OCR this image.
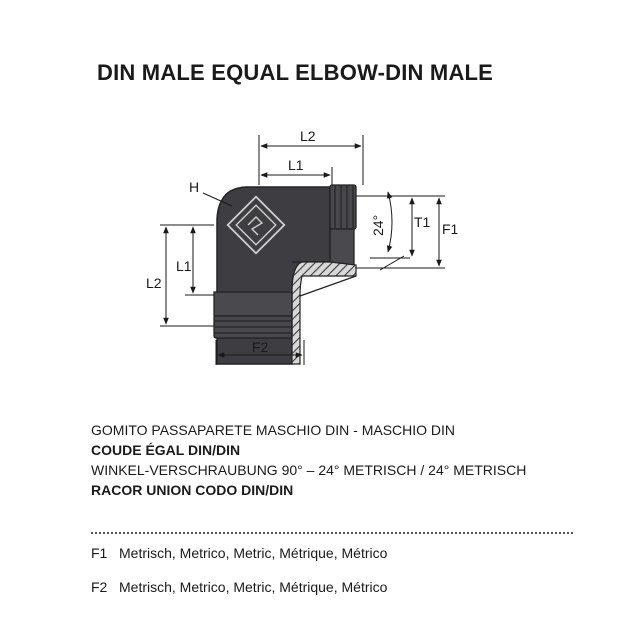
DIN MALE EQUAL ELBOW-DIN MALE
H
L2
L1
L2
L1
F2
24° T1 F1
GOMITO PASSAPARETE MASCHIO DIN - MASCHIO DIN
COUDE ÉGAL DIN/DIN
WINKEL-VERSCHRAUBUNG 90° – 24° METRISCH / 24° METRISCH
RACOR UNION CODO DIN/DIN
F1 Metrisch, Metrico, Metric, Métrique, Métrico
F2 Metrisch, Metrico, Metric, Métrique, Métrico
